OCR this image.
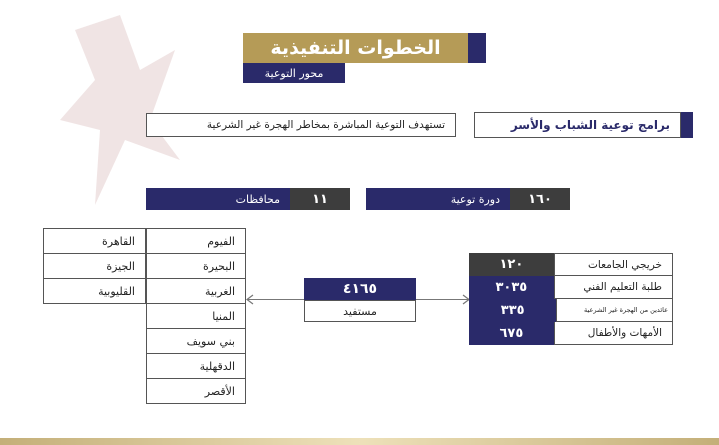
الخطوات التنفيذية
محور التوعية
برامج توعية الشباب والأسر
تستهدف التوعية المباشرة بمخاطر الهجرة غير الشرعية
محافظات	١١	دورة توعية	١٦٠
الفيوم
البحيرة
الغربية
المنيا
بني سويف
الدقهلية
الأقصر
القاهرة
الجيزة
القليوبية	٤١٦٥
مستفيد
خريجي الجامعات
١٢٠
طلبة التعليم الفني
٣٠٣٥
عائدين من الهجرة غير الشرعية
٣٣٥
الأمهات والأطفال
٦٧٥
